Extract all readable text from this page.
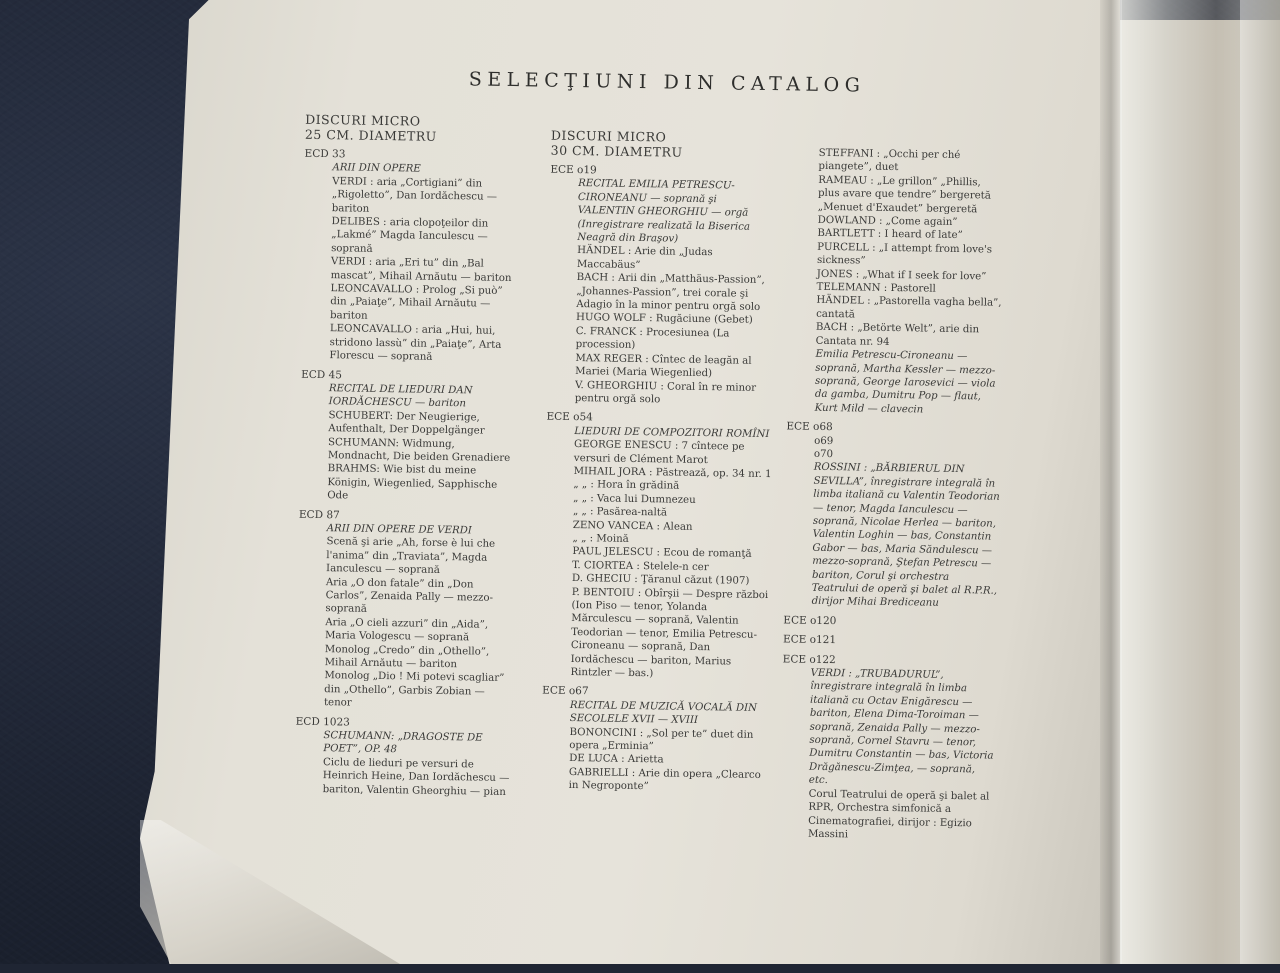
SELECŢIUNI DIN CATALOG
DISCURI MICRO
25 CM. DIAMETRU
ECD 33
ARII DIN OPERE
VERDI : aria „Cortigiani” din „Rigoletto”, Dan Iordăchescu — bariton
DELIBES : aria clopoţeilor din „Lakmé” Magda Ianculescu — soprană
VERDI : aria „Eri tu” din „Bal mascat”, Mihail Arnăutu — bariton
LEONCAVALLO : Prolog „Si può” din „Paiaţe”, Mihail Arnăutu — bariton
LEONCAVALLO : aria „Hui, hui, stridono lassù” din „Paiaţe”, Arta Florescu — soprană
ECD 45
RECITAL DE LIEDURI DAN IORDĂCHESCU — bariton
SCHUBERT: Der Neugierige, Aufenthalt, Der Doppelgänger
SCHUMANN: Widmung, Mondnacht, Die beiden Grenadiere
BRAHMS: Wie bist du meine Königin, Wiegenlied, Sapphische Ode
ECD 87
ARII DIN OPERE DE VERDI
Scenă şi arie „Ah, forse è lui che l'anima” din „Traviata”, Magda Ianculescu — soprană
Aria „O don fatale” din „Don Carlos”, Zenaida Pally — mezzo-soprană
Aria „O cieli azzuri” din „Aida”, Maria Vologescu — soprană
Monolog „Credo” din „Othello”, Mihail Arnăutu — bariton
Monolog „Dio ! Mi potevi scagliar” din „Othello”, Garbis Zobian — tenor
ECD 1023
SCHUMANN: „DRAGOSTE DE POET”, OP. 48
Ciclu de lieduri pe versuri de Heinrich Heine, Dan Iordăchescu — bariton, Valentin Gheorghiu — pian
DISCURI MICRO
30 CM. DIAMETRU
ECE o19
RECITAL EMILIA PETRESCU-CIRONEANU — soprană şi VALENTIN GHEORGHIU — orgă (Inregistrare realizată la Biserica Neagră din Braşov)
HÄNDEL : Arie din „Judas Maccabäus”
BACH : Arii din „Matthäus-Passion”, „Johannes-Passion”, trei corale şi Adagio în la minor pentru orgă solo
HUGO WOLF : Rugăciune (Gebet)
C. FRANCK : Procesiunea (La procession)
MAX REGER : Cîntec de leagăn al Mariei (Maria Wiegenlied)
V. GHEORGHIU : Coral în re minor pentru orgă solo
ECE o54
LIEDURI DE COMPOZITORI ROMÎNI
GEORGE ENESCU : 7 cîntece pe versuri de Clément Marot
MIHAIL JORA : Păstrează, op. 34 nr. 1
„ „ : Hora în grădină
„ „ : Vaca lui Dumnezeu
„ „ : Pasărea-naltă
ZENO VANCEA : Alean
„ „ : Moină
PAUL JELESCU : Ecou de romanţă
T. CIORTEA : Stelele-n cer
D. GHECIU : Ţăranul căzut (1907)
P. BENTOIU : Obîrşii — Despre război (Ion Piso — tenor, Yolanda Mărculescu — soprană, Valentin Teodorian — tenor, Emilia Petrescu-Cironeanu — soprană, Dan Iordăchescu — bariton, Marius Rintzler — bas.)
ECE o67
RECITAL DE MUZICĂ VOCALĂ DIN SECOLELE XVII — XVIII
BONONCINI : „Sol per te” duet din opera „Erminia”
DE LUCA : Arietta
GABRIELLI : Arie din opera „Clearco in Negroponte”
STEFFANI : „Occhi per ché piangete”, duet
RAMEAU : „Le grillon” „Phillis, plus avare que tendre” bergeretă
„Menuet d'Exaudet” bergeretă
DOWLAND : „Come again”
BARTLETT : I heard of late”
PURCELL : „I attempt from love's sickness”
JONES : „What if I seek for love”
TELEMANN : Pastorell
HÄNDEL : „Pastorella vagha bella”, cantată
BACH : „Betörte Welt”, arie din Cantata nr. 94
Emilia Petrescu-Cironeanu — soprană, Martha Kessler — mezzo-soprană, George Iarosevici — viola da gamba, Dumitru Pop — flaut, Kurt Mild — clavecin
ECE o68
o69
o70
ROSSINI : „BĂRBIERUL DIN SEVILLA”, înregistrare integrală în limba italiană cu Valentin Teodorian — tenor, Magda Ianculescu — soprană, Nicolae Herlea — bariton, Valentin Loghin — bas, Constantin Gabor — bas, Maria Săndulescu — mezzo-soprană, Ştefan Petrescu — bariton, Corul şi orchestra Teatrului de operă şi balet al R.P.R., dirijor Mihai Brediceanu
ECE o120
ECE o121
ECE o122
VERDI : „TRUBADURUL”, înregistrare integrală în limba italiană cu Octav Enigărescu — bariton, Elena Dima-Toroiman — soprană, Zenaida Pally — mezzo-soprană, Cornel Stavru — tenor, Dumitru Constantin — bas, Victoria Drăgănescu-Zimţea, — soprană, etc.
Corul Teatrului de operă şi balet al RPR, Orchestra simfonică a Cinematografiei, dirijor : Egizio Massini
